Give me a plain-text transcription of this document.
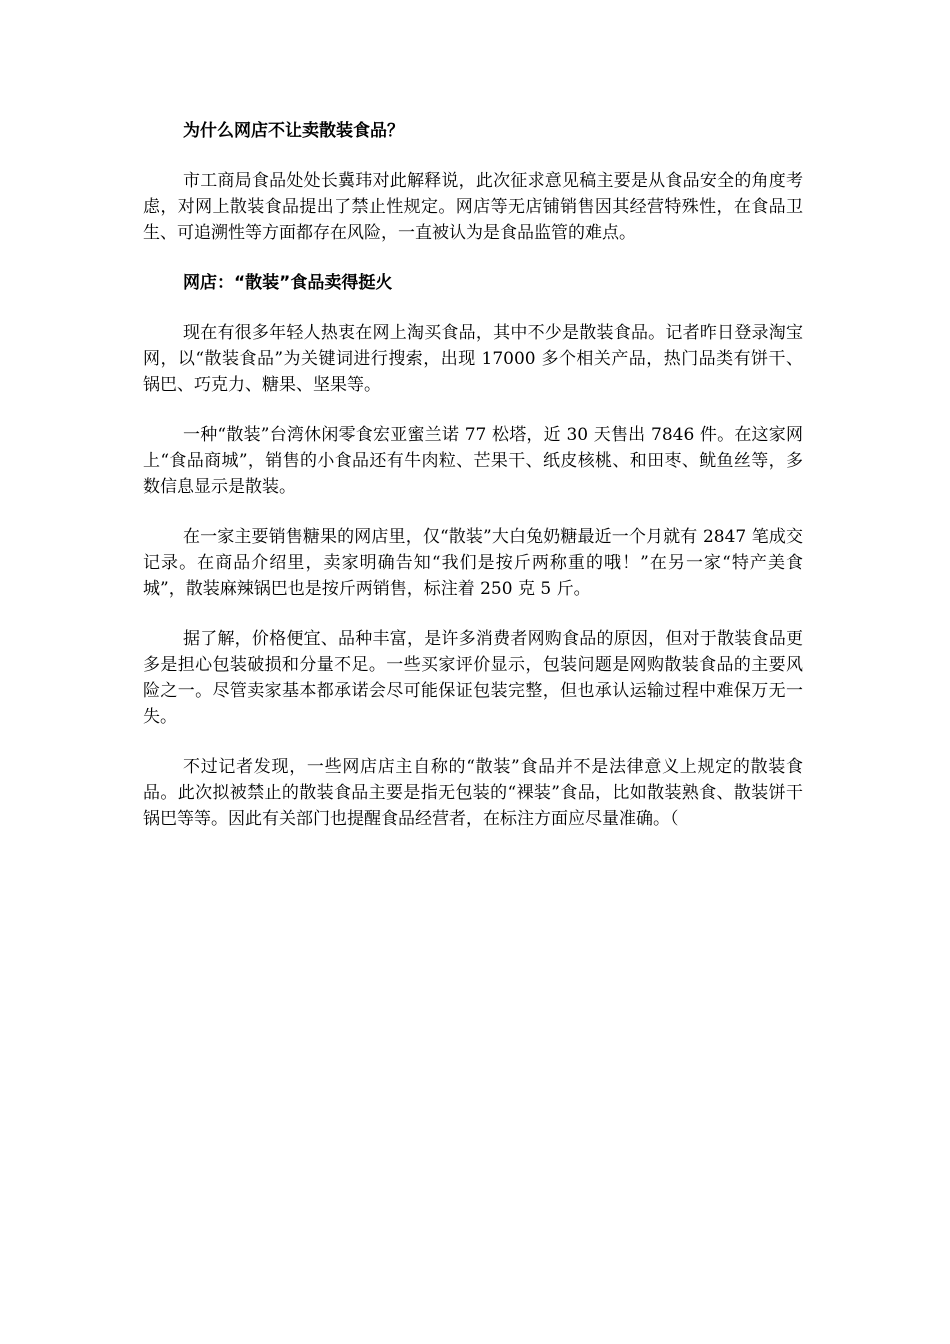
为什么网店不让卖散装食品？

市工商局食品处处长冀玮对此解释说，此次征求意见稿主要是从食品安全的角度考虑，对网上散装食品提出了禁止性规定。网店等无店铺销售因其经营特殊性，在食品卫生、可追溯性等方面都存在风险，一直被认为是食品监管的难点。

网店：“散装”食品卖得挺火

现在有很多年轻人热衷在网上淘买食品，其中不少是散装食品。记者昨日登录淘宝网，以“散装食品”为关键词进行搜索，出现 17000 多个相关产品，热门品类有饼干、锅巴、巧克力、糖果、坚果等。

一种“散装”台湾休闲零食宏亚蜜兰诺 77 松塔，近 30 天售出 7846 件。在这家网上“食品商城”，销售的小食品还有牛肉粒、芒果干、纸皮核桃、和田枣、鱿鱼丝等，多数信息显示是散装。

在一家主要销售糖果的网店里，仅“散装”大白兔奶糖最近一个月就有 2847 笔成交记录。在商品介绍里，卖家明确告知“我们是按斤两称重的哦！”在另一家“特产美食城”，散装麻辣锅巴也是按斤两销售，标注着 250 克 5 斤。

据了解，价格便宜、品种丰富，是许多消费者网购食品的原因，但对于散装食品更多是担心包装破损和分量不足。一些买家评价显示，包装问题是网购散装食品的主要风险之一。尽管卖家基本都承诺会尽可能保证包装完整，但也承认运输过程中难保万无一失。

不过记者发现，一些网店店主自称的“散装”食品并不是法律意义上规定的散装食品。此次拟被禁止的散装食品主要是指无包装的“裸装”食品，比如散装熟食、散装饼干锅巴等等。因此有关部门也提醒食品经营者，在标注方面应尽量准确。（
